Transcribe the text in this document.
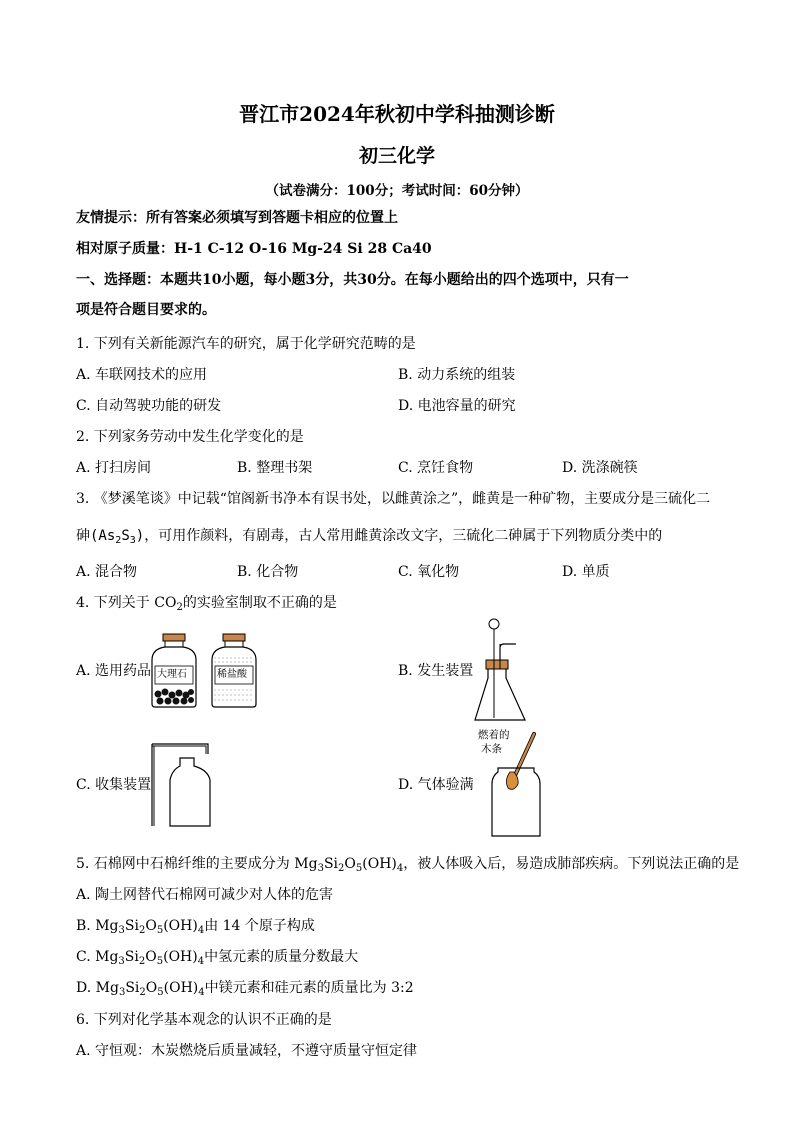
晋江市2024年秋初中学科抽测诊断
初三化学
（试卷满分：100分；考试时间：60分钟）
友情提示：所有答案必须填写到答题卡相应的位置上
相对原子质量：H-1 C-12 O-16 Mg-24 Si 28 Ca40
一、选择题：本题共10小题，每小题3分，共30分。在每小题给出的四个选项中，只有一
项是符合题目要求的。
1. 下列有关新能源汽车的研究，属于化学研究范畴的是
A. 车联网技术的应用	B. 动力系统的组装
C. 自动驾驶功能的研发	D. 电池容量的研究
2. 下列家务劳动中发生化学变化的是
A. 打扫房间	B. 整理书架	C. 烹饪食物	D. 洗涤碗筷
3. 《梦溪笔谈》中记载“馆阁新书净本有误书处，以雌黄涂之”，雌黄是一种矿物，主要成分是三硫化二
砷$(As_2S_3)$，可用作颜料，有剧毒，古人常用雌黄涂改文字，三硫化二砷属于下列物质分类中的
A. 混合物	B. 化合物	C. 氧化物	D. 单质
4. 下列关于 $CO_2$的实验室制取不正确的是
A. 选用药品	B. 发生装置
C. 收集装置	D. 气体验满
大理石	稀盐酸
燃着的
木条
5. 石棉网中石棉纤维的主要成分为 $Mg_3Si_2O_5(OH)_4$，被人体吸入后，易造成肺部疾病。下列说法正确的是
A. 陶土网替代石棉网可减少对人体的危害
B. $Mg_3Si_2O_5(OH)_4$由 14 个原子构成
C. $Mg_3Si_2O_5(OH)_4$中氢元素的质量分数最大
D. $Mg_3Si_2O_5(OH)_4$中镁元素和硅元素的质量比为 3:2
6. 下列对化学基本观念的认识不正确的是
A. 守恒观：木炭燃烧后质量减轻，不遵守质量守恒定律
